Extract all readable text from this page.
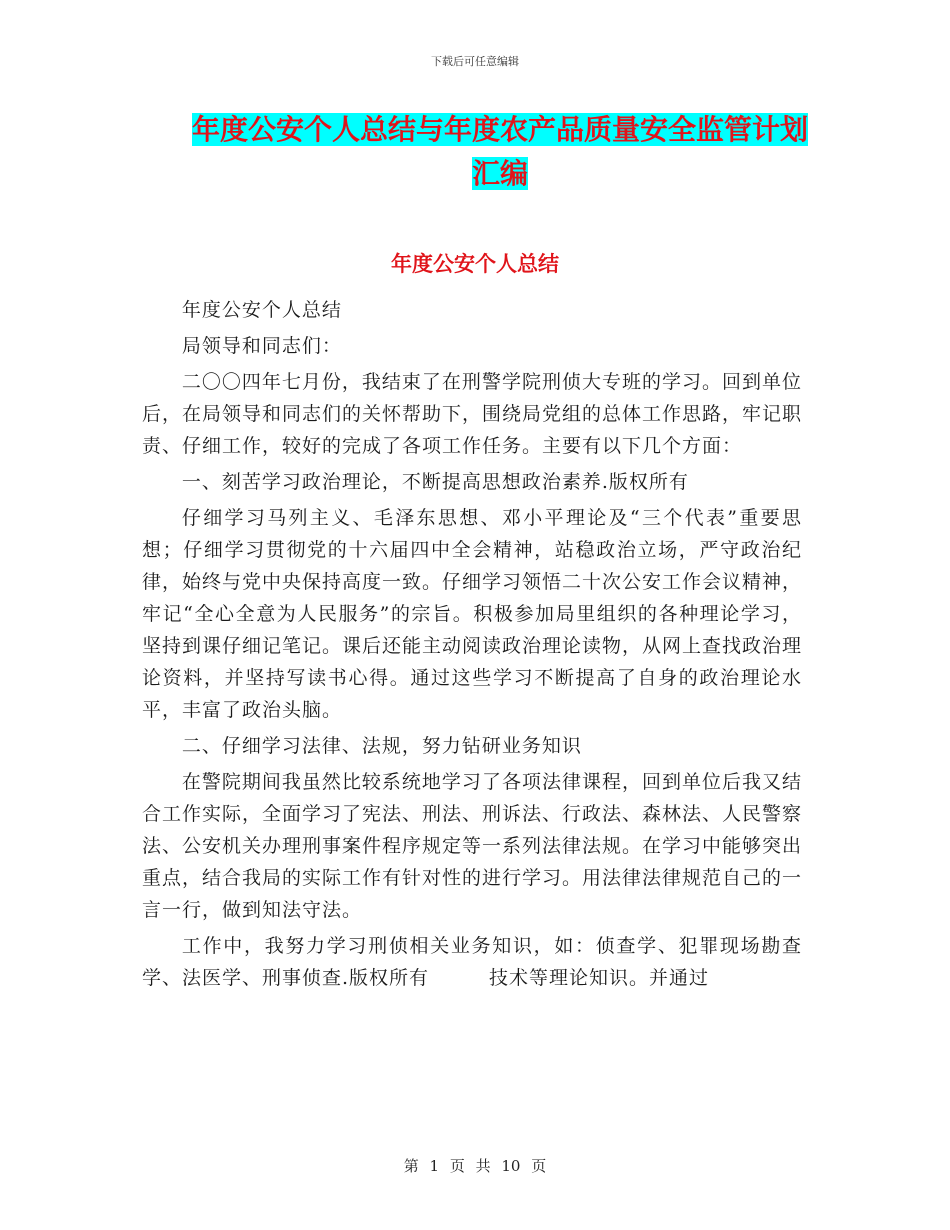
下载后可任意编辑
年度公安个人总结与年度农产品质量安全监管计划汇编
年度公安个人总结

年度公安个人总结

局领导和同志们：

二〇〇四年七月份，我结束了在刑警学院刑侦大专班的学习。回到单位后，在局领导和同志们的关怀帮助下，围绕局党组的总体工作思路，牢记职责、仔细工作，较好的完成了各项工作任务。主要有以下几个方面：

一、刻苦学习政治理论，不断提高思想政治素养.版权所有

仔细学习马列主义、毛泽东思想、邓小平理论及“三个代表”重要思想；仔细学习贯彻党的十六届四中全会精神，站稳政治立场，严守政治纪律，始终与党中央保持高度一致。仔细学习领悟二十次公安工作会议精神，牢记“全心全意为人民服务”的宗旨。积极参加局里组织的各种理论学习，坚持到课仔细记笔记。课后还能主动阅读政治理论读物，从网上查找政治理论资料，并坚持写读书心得。通过这些学习不断提高了自身的政治理论水平，丰富了政治头脑。

二、仔细学习法律、法规，努力钻研业务知识

在警院期间我虽然比较系统地学习了各项法律课程，回到单位后我又结合工作实际，全面学习了宪法、刑法、刑诉法、行政法、森林法、人民警察法、公安机关办理刑事案件程序规定等一系列法律法规。在学习中能够突出重点，结合我局的实际工作有针对性的进行学习。用法律法律规范自己的一言一行，做到知法守法。

工作中，我努力学习刑侦相关业务知识，如：侦查学、犯罪现场勘查学、法医学、刑事侦查.版权所有　　　技术等理论知识。并通过

第 1 页 共 10 页
